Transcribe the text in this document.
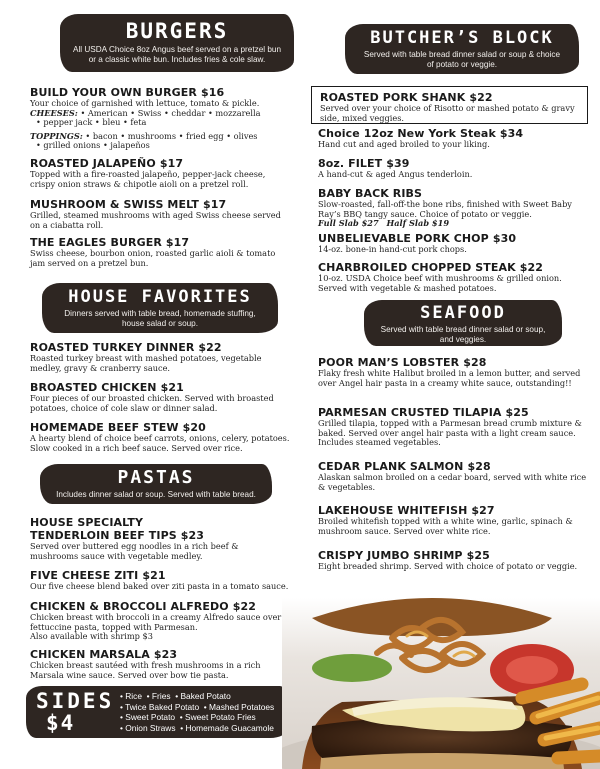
BURGERS
All USDA Choice 8oz Angus beef served on a pretzel bun or a classic white bun. Includes fries & cole slaw.
BUILD YOUR OWN BURGER $16
Your choice of garnished with lettuce, tomato & pickle.
CHEESES: • American • Swiss • cheddar • mozzarella
• pepper jack • bleu • feta
TOPPINGS: • bacon • mushrooms • fried egg • olives
• grilled onions • jalapeños
ROASTED JALAPEÑO $17
Topped with a fire-roasted jalapeño, pepper-jack cheese, crispy onion straws & chipotle aioli on a pretzel roll.
MUSHROOM & SWISS MELT $17
Grilled, steamed mushrooms with aged Swiss cheese served on a ciabatta roll.
THE EAGLES BURGER $17
Swiss cheese, bourbon onion, roasted garlic aioli & tomato jam served on a pretzel bun.
HOUSE FAVORITES
Dinners served with table bread, homemade stuffing, house salad or soup.
ROASTED TURKEY DINNER $22
Roasted turkey breast with mashed potatoes, vegetable medley, gravy & cranberry sauce.
BROASTED CHICKEN $21
Four pieces of our broasted chicken. Served with broasted potatoes, choice of cole slaw or dinner salad.
HOMEMADE BEEF STEW $20
A hearty blend of choice beef carrots, onions, celery, potatoes. Slow cooked in a rich beef sauce. Served over rice.
PASTAS
Includes dinner salad or soup. Served with table bread.
HOUSE SPECIALTY
TENDERLOIN BEEF TIPS $23
Served over buttered egg noodles in a rich beef & mushrooms sauce with vegetable medley.
FIVE CHEESE ZITI $21
Our five cheese blend baked over ziti pasta in a tomato sauce.
CHICKEN & BROCCOLI ALFREDO $22
Chicken breast with broccoli in a creamy Alfredo sauce over fettuccine pasta, topped with Parmesan.
Also available with shrimp $3
CHICKEN MARSALA $23
Chicken breast sautéed with fresh mushrooms in a rich Marsala wine sauce. Served over bow tie pasta.
SIDES
$4
• Rice • Fries • Baked Potato
• Twice Baked Potato • Mashed Potatoes
• Sweet Potato • Sweet Potato Fries
• Onion Straws • Homemade Guacamole
BUTCHER’S BLOCK
Served with table bread dinner salad or soup & choice of potato or veggie.
ROASTED PORK SHANK $22
Served over your choice of Risotto or mashed potato & gravy side, mixed veggies.
Choice 12oz New York Steak $34
Hand cut and aged broiled to your liking.
8oz. FILET $39
A hand-cut & aged Angus tenderloin.
BABY BACK RIBS
Slow-roasted, fall-off-the bone ribs, finished with Sweet Baby Ray’s BBQ tangy sauce. Choice of potato or veggie.
Full Slab $27 Half Slab $19
UNBELIEVABLE PORK CHOP $30
14-oz. bone-in hand-cut pork chops.
CHARBROILED CHOPPED STEAK $22
10-oz. USDA Choice beef with mushrooms & grilled onion. Served with vegetable & mashed potatoes.
SEAFOOD
Served with table bread dinner salad or soup, and veggies.
POOR MAN’S LOBSTER $28
Flaky fresh white Halibut broiled in a lemon butter, and served over Angel hair pasta in a creamy white sauce, outstanding!!
PARMESAN CRUSTED TILAPIA $25
Grilled tilapia, topped with a Parmesan bread crumb mixture & baked. Served over angel hair pasta with a light cream sauce. Includes steamed vegetables.
CEDAR PLANK SALMON $28
Alaskan salmon broiled on a cedar board, served with white rice & vegetables.
LAKEHOUSE WHITEFISH $27
Broiled whitefish topped with a white wine, garlic, spinach & mushroom sauce. Served over white rice.
CRISPY JUMBO SHRIMP $25
Eight breaded shrimp. Served with choice of potato or veggie.
